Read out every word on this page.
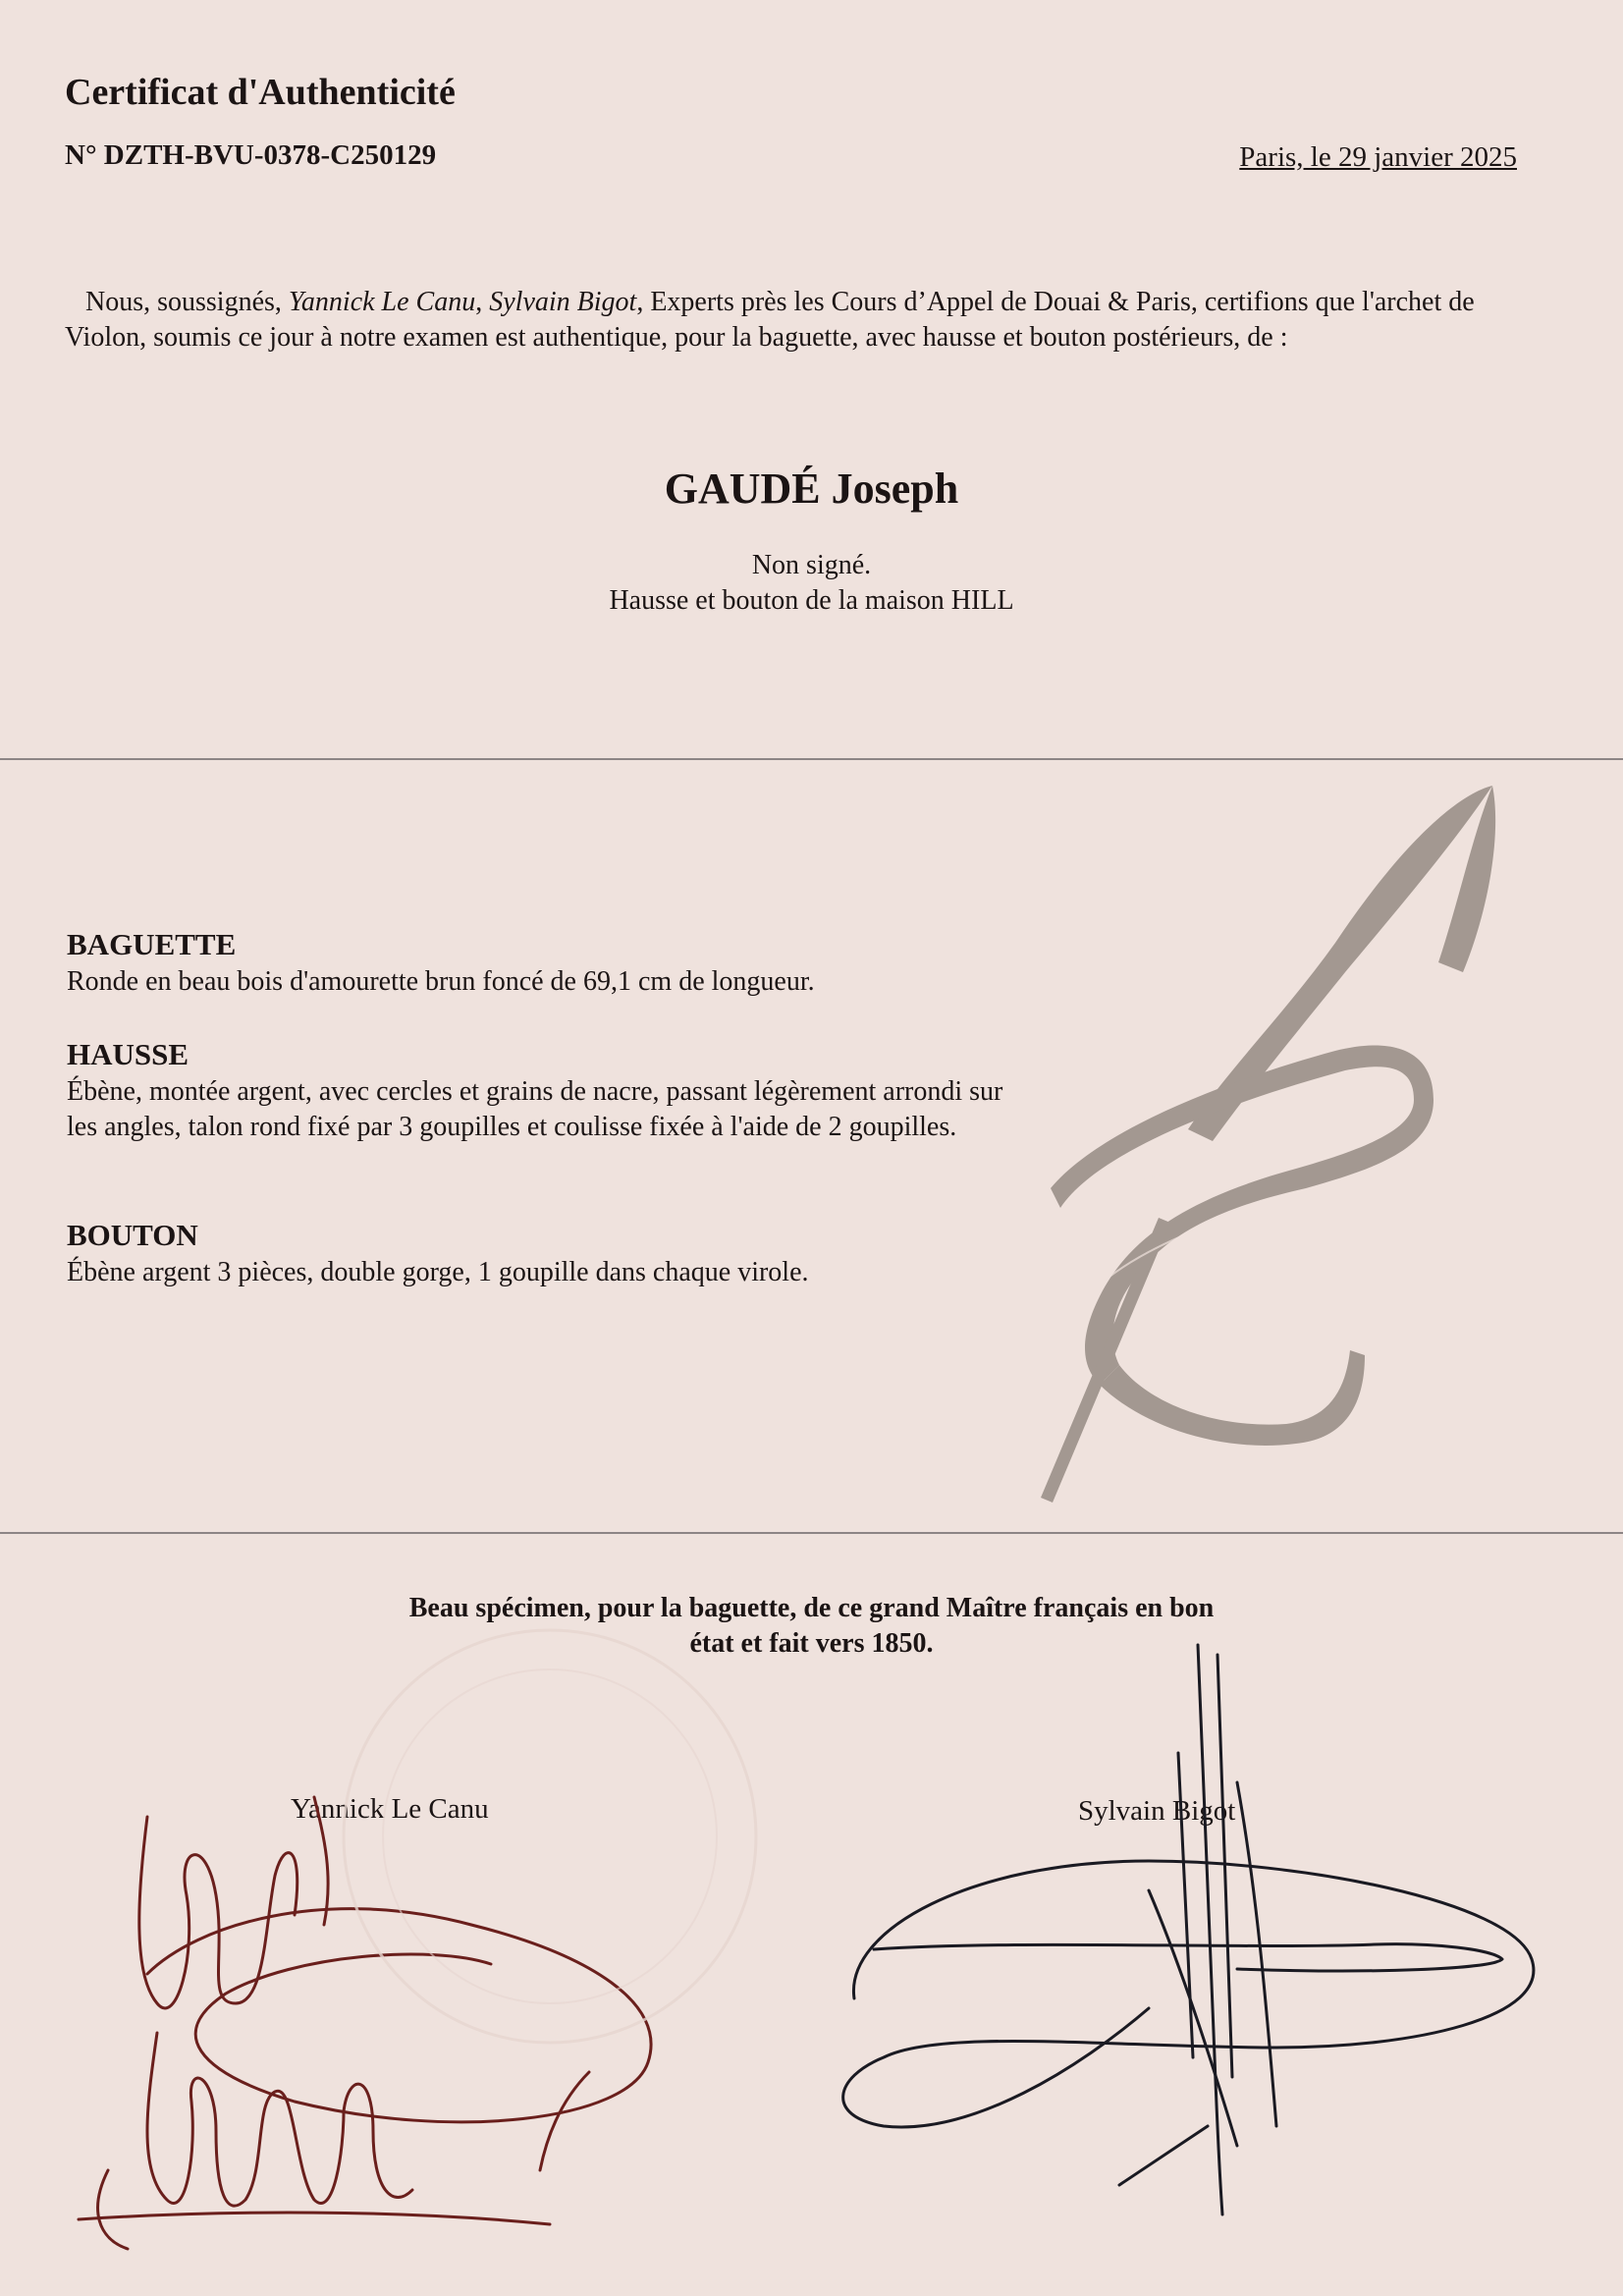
Certificat d'Authenticité
N° DZTH-BVU-0378-C250129	Paris, le 29 janvier 2025
Nous, soussignés, Yannick Le Canu, Sylvain Bigot, Experts près les Cours d’Appel de Douai & Paris, certifions que l'archet de Violon, soumis ce jour à notre examen est authentique, pour la baguette, avec hausse et bouton postérieurs, de :
GAUDÉ Joseph
Non signé.
Hausse et bouton de la maison HILL
BAGUETTE
Ronde en beau bois d'amourette brun foncé de 69,1 cm de longueur.
HAUSSE
Ébène, montée argent, avec cercles et grains de nacre, passant légèrement arrondi sur les angles, talon rond fixé par 3 goupilles et coulisse fixée à l'aide de 2 goupilles.
BOUTON
Ébène argent 3 pièces, double gorge, 1 goupille dans chaque virole.
Beau spécimen, pour la baguette, de ce grand Maître français en bon
état et fait vers 1850.
Yannick Le Canu	Sylvain Bigot
